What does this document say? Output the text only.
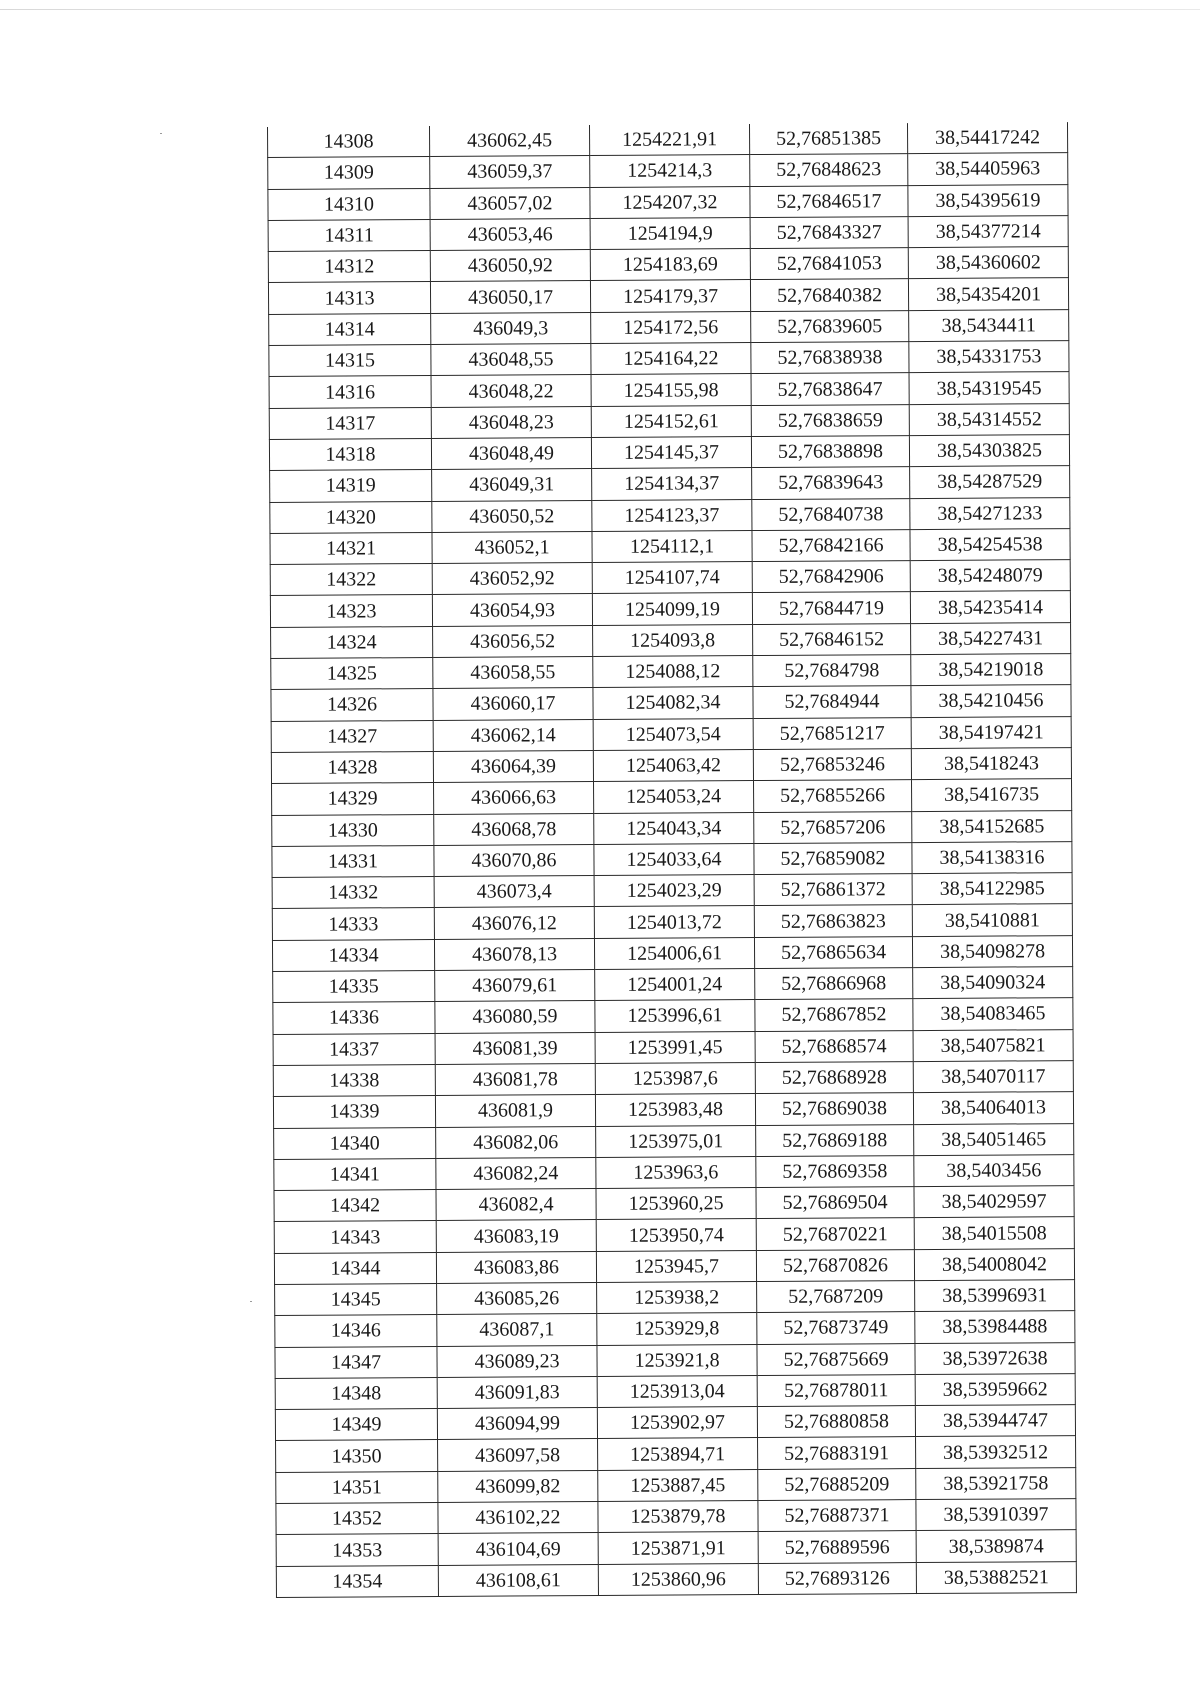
14308	436062,45	1254221,91	52,76851385	38,54417242
14309	436059,37	1254214,3	52,76848623	38,54405963
14310	436057,02	1254207,32	52,76846517	38,54395619
14311	436053,46	1254194,9	52,76843327	38,54377214
14312	436050,92	1254183,69	52,76841053	38,54360602
14313	436050,17	1254179,37	52,76840382	38,54354201
14314	436049,3	1254172,56	52,76839605	38,5434411
14315	436048,55	1254164,22	52,76838938	38,54331753
14316	436048,22	1254155,98	52,76838647	38,54319545
14317	436048,23	1254152,61	52,76838659	38,54314552
14318	436048,49	1254145,37	52,76838898	38,54303825
14319	436049,31	1254134,37	52,76839643	38,54287529
14320	436050,52	1254123,37	52,76840738	38,54271233
14321	436052,1	1254112,1	52,76842166	38,54254538
14322	436052,92	1254107,74	52,76842906	38,54248079
14323	436054,93	1254099,19	52,76844719	38,54235414
14324	436056,52	1254093,8	52,76846152	38,54227431
14325	436058,55	1254088,12	52,7684798	38,54219018
14326	436060,17	1254082,34	52,7684944	38,54210456
14327	436062,14	1254073,54	52,76851217	38,54197421
14328	436064,39	1254063,42	52,76853246	38,5418243
14329	436066,63	1254053,24	52,76855266	38,5416735
14330	436068,78	1254043,34	52,76857206	38,54152685
14331	436070,86	1254033,64	52,76859082	38,54138316
14332	436073,4	1254023,29	52,76861372	38,54122985
14333	436076,12	1254013,72	52,76863823	38,5410881
14334	436078,13	1254006,61	52,76865634	38,54098278
14335	436079,61	1254001,24	52,76866968	38,54090324
14336	436080,59	1253996,61	52,76867852	38,54083465
14337	436081,39	1253991,45	52,76868574	38,54075821
14338	436081,78	1253987,6	52,76868928	38,54070117
14339	436081,9	1253983,48	52,76869038	38,54064013
14340	436082,06	1253975,01	52,76869188	38,54051465
14341	436082,24	1253963,6	52,76869358	38,5403456
14342	436082,4	1253960,25	52,76869504	38,54029597
14343	436083,19	1253950,74	52,76870221	38,54015508
14344	436083,86	1253945,7	52,76870826	38,54008042
14345	436085,26	1253938,2	52,7687209	38,53996931
14346	436087,1	1253929,8	52,76873749	38,53984488
14347	436089,23	1253921,8	52,76875669	38,53972638
14348	436091,83	1253913,04	52,76878011	38,53959662
14349	436094,99	1253902,97	52,76880858	38,53944747
14350	436097,58	1253894,71	52,76883191	38,53932512
14351	436099,82	1253887,45	52,76885209	38,53921758
14352	436102,22	1253879,78	52,76887371	38,53910397
14353	436104,69	1253871,91	52,76889596	38,5389874
14354	436108,61	1253860,96	52,76893126	38,53882521
